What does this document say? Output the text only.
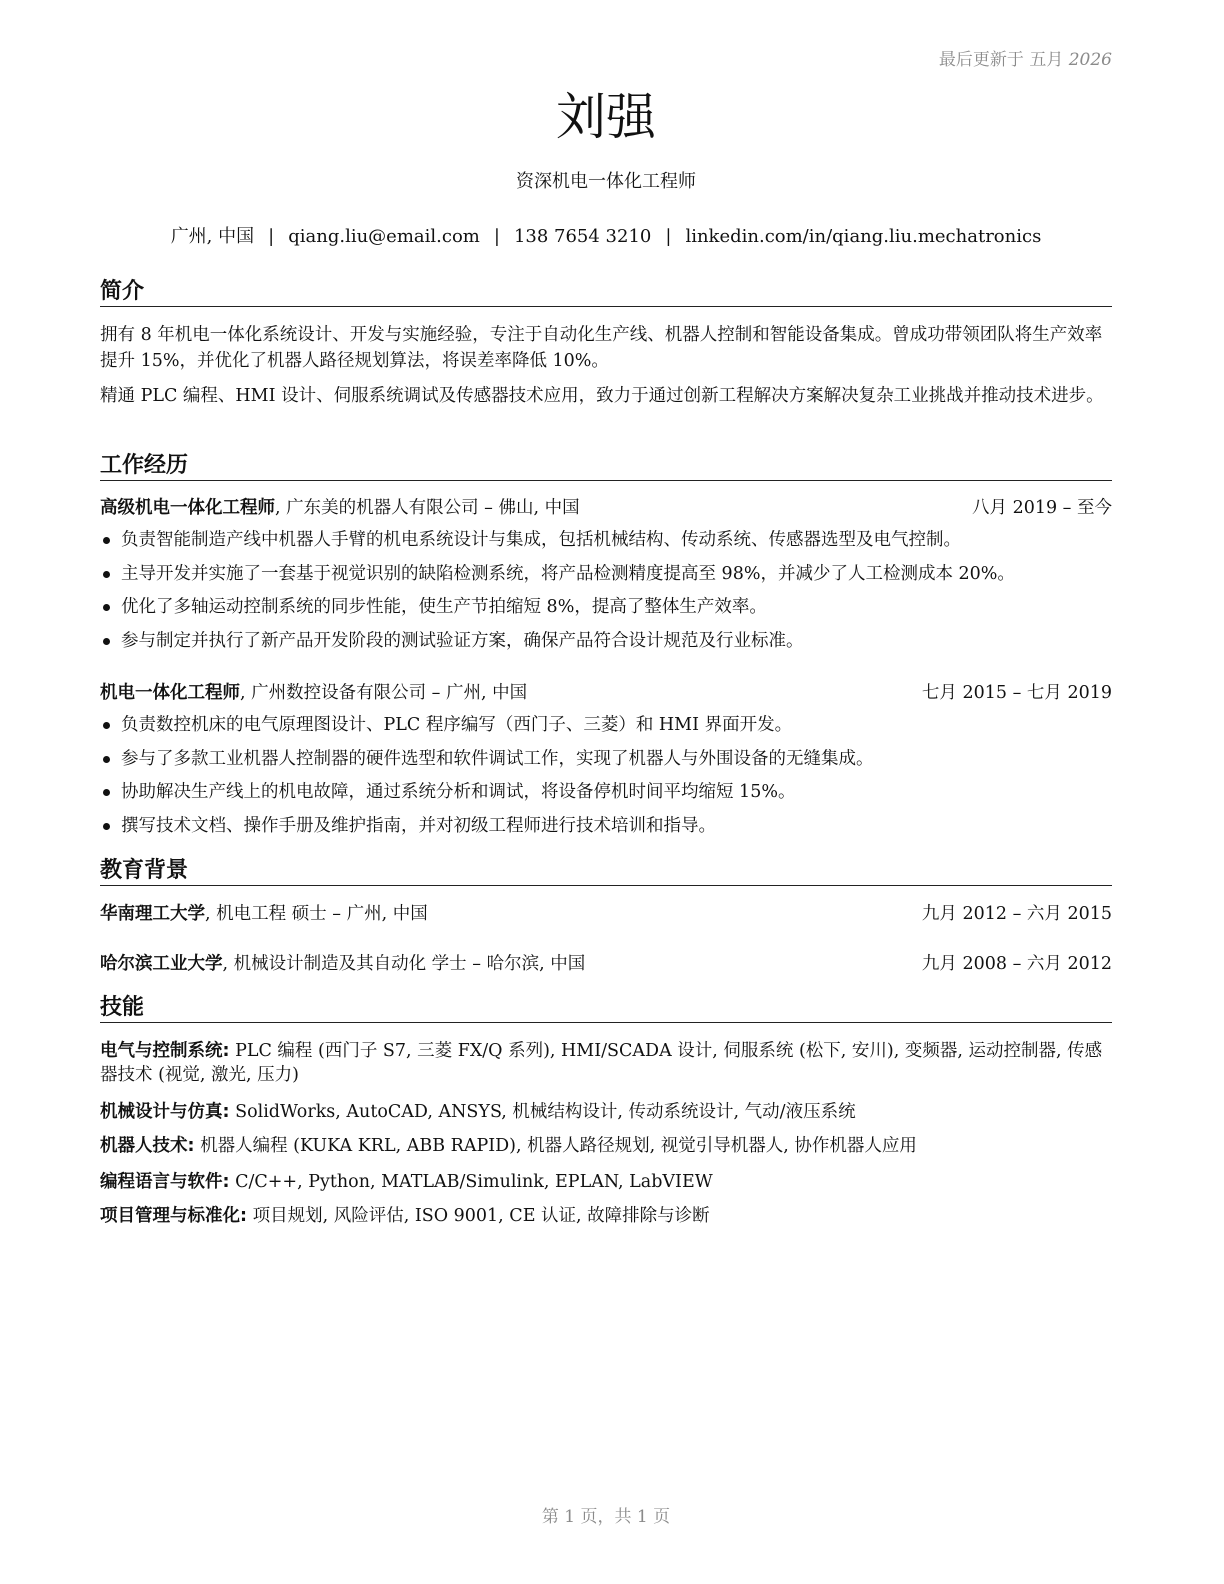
最后更新于 五月 2026
刘强
资深机电一体化工程师
广州, 中国 | qiang.liu@email.com | 138 7654 3210 | linkedin.com/in/qiang.liu.mechatronics
简介
拥有 8 年机电一体化系统设计、开发与实施经验，专注于自动化生产线、机器人控制和智能设备集成。曾成功带领团队将生产效率提升 15%，并优化了机器人路径规划算法，将误差率降低 10%。
精通 PLC 编程、HMI 设计、伺服系统调试及传感器技术应用，致力于通过创新工程解决方案解决复杂工业挑战并推动技术进步。
工作经历
高级机电一体化工程师, 广东美的机器人有限公司 – 佛山, 中国	八月 2019 – 至今
负责智能制造产线中机器人手臂的机电系统设计与集成，包括机械结构、传动系统、传感器选型及电气控制。
主导开发并实施了一套基于视觉识别的缺陷检测系统，将产品检测精度提高至 98%，并减少了人工检测成本 20%。
优化了多轴运动控制系统的同步性能，使生产节拍缩短 8%，提高了整体生产效率。
参与制定并执行了新产品开发阶段的测试验证方案，确保产品符合设计规范及行业标准。
机电一体化工程师, 广州数控设备有限公司 – 广州, 中国	七月 2015 – 七月 2019
负责数控机床的电气原理图设计、PLC 程序编写（西门子、三菱）和 HMI 界面开发。
参与了多款工业机器人控制器的硬件选型和软件调试工作，实现了机器人与外围设备的无缝集成。
协助解决生产线上的机电故障，通过系统分析和调试，将设备停机时间平均缩短 15%。
撰写技术文档、操作手册及维护指南，并对初级工程师进行技术培训和指导。
教育背景
华南理工大学, 机电工程 硕士 – 广州, 中国	九月 2012 – 六月 2015
哈尔滨工业大学, 机械设计制造及其自动化 学士 – 哈尔滨, 中国	九月 2008 – 六月 2012
技能
电气与控制系统: PLC 编程 (西门子 S7, 三菱 FX/Q 系列), HMI/SCADA 设计, 伺服系统 (松下, 安川), 变频器, 运动控制器, 传感器技术 (视觉, 激光, 压力)
机械设计与仿真: SolidWorks, AutoCAD, ANSYS, 机械结构设计, 传动系统设计, 气动/液压系统
机器人技术: 机器人编程 (KUKA KRL, ABB RAPID), 机器人路径规划, 视觉引导机器人, 协作机器人应用
编程语言与软件: C/C++, Python, MATLAB/Simulink, EPLAN, LabVIEW
项目管理与标准化: 项目规划, 风险评估, ISO 9001, CE 认证, 故障排除与诊断
第 1 页，共 1 页
